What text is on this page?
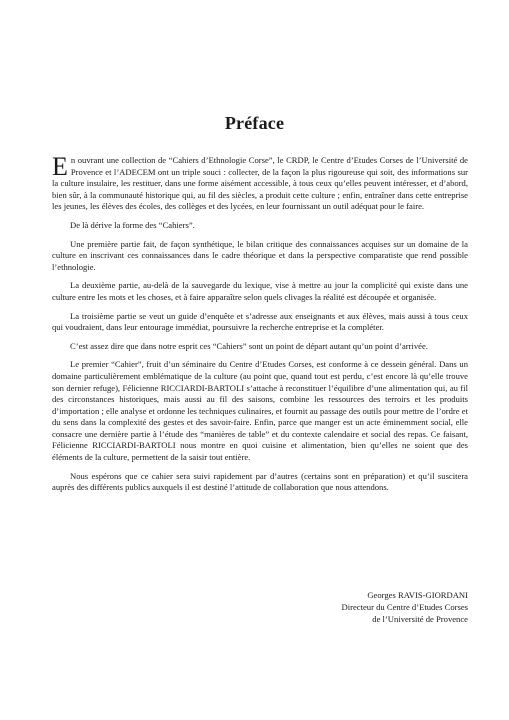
Préface

En ouvrant une collection de “Cahiers d’Ethnologie Corse”, le CRDP, le Centre d’Etudes Corses de l’Université de Provence et l’ADECEM ont un triple souci : collecter, de la façon la plus rigoureuse qui soit, des informations sur la culture insulaire, les restituer, dans une forme aisément accessible, à tous ceux qu’elles peuvent intéresser, et d’abord, bien sûr, à la communauté historique qui, au fil des siècles, a produit cette culture ; enfin, entraîner dans cette entreprise les jeunes, les élèves des écoles, des collèges et des lycées, en leur fournissant un outil adéquat pour le faire.

De là dérive la forme des “Cahiers”.

Une première partie fait, de façon synthétique, le bilan critique des connaissances acquises sur un domaine de la culture en inscrivant ces connaissances dans le cadre théorique et dans la perspective comparatiste que rend possible l’ethnologie.

La deuxième partie, au-delà de la sauvegarde du lexique, vise à mettre au jour la complicité qui existe dans une culture entre les mots et les choses, et à faire apparaître selon quels clivages la réalité est découpée et organisée.

La troisième partie se veut un guide d’enquête et s’adresse aux enseignants et aux élèves, mais aussi à tous ceux qui voudraient, dans leur entourage immédiat, poursuivre la recherche entreprise et la compléter.

C’est assez dire que dans notre esprit ces “Cahiers” sont un point de départ autant qu’un point d’arrivée.

Le premier “Cahier”, fruit d’un séminaire du Centre d’Etudes Corses, est conforme à ce dessein général. Dans un domaine particulièrement emblématique de la culture (au point que, quand tout est perdu, c’est encore là qu’elle trouve son dernier refuge), Félicienne RICCIARDI-BARTOLI s’attache à reconstituer l’équilibre d’une alimentation qui, au fil des circonstances historiques, mais aussi au fil des saisons, combine les ressources des terroirs et les produits d’importation ; elle analyse et ordonne les techniques culinaires, et fournit au passage des outils pour mettre de l’ordre et du sens dans la complexité des gestes et des savoir-faire. Enfin, parce que manger est un acte éminemment social, elle consacre une dernière partie à l’étude des “manières de table” et du contexte calendaire et social des repas. Ce faisant, Félicienne RICCIARDI-BARTOLI nous montre en quoi cuisine et alimentation, bien qu’elles ne soient que des éléments de la culture, permettent de la saisir tout entière.

Nous espérons que ce cahier sera suivi rapidement par d’autres (certains sont en préparation) et qu’il suscitera auprès des différents publics auxquels il est destiné l’attitude de collaboration que nous attendons.

Georges RAVIS-GIORDANI
Directeur du Centre d’Etudes Corses
de l’Université de Provence
